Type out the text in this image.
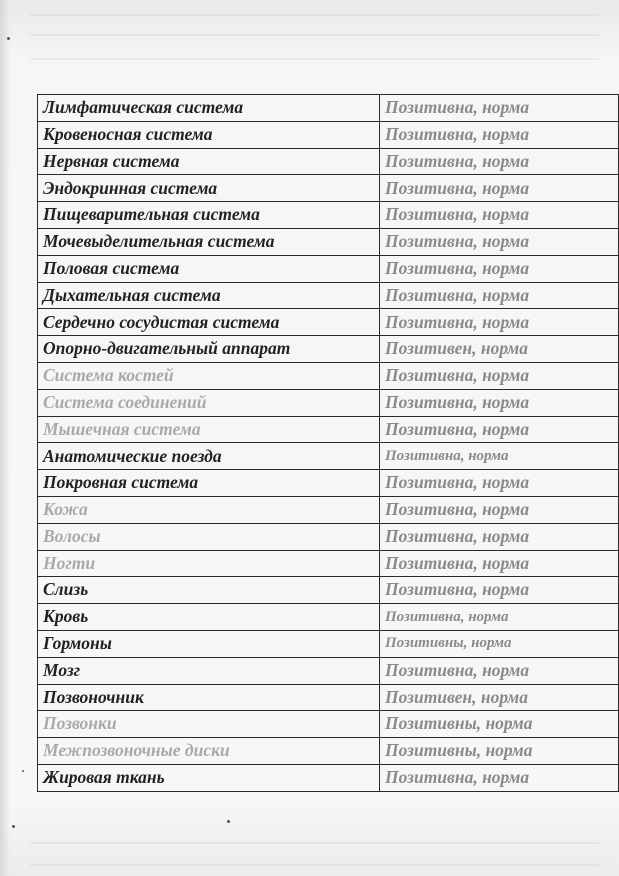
Лимфатическая система	Позитивна, норма
Кровеносная система	Позитивна, норма
Нервная система	Позитивна, норма
Эндокринная система	Позитивна, норма
Пищеварительная система	Позитивна, норма
Мочевыделительная система	Позитивна, норма
Половая система	Позитивна, норма
Дыхательная система	Позитивна, норма
Сердечно сосудистая система	Позитивна, норма
Опорно-двигательный аппарат	Позитивен, норма
Система костей	Позитивна, норма
Система соединений	Позитивна, норма
Мышечная система	Позитивна, норма
Анатомические поезда	Позитивна, норма
Покровная система	Позитивна, норма
Кожа	Позитивна, норма
Волосы	Позитивна, норма
Ногти	Позитивна, норма
Слизь	Позитивна, норма
Кровь	Позитивна, норма
Гормоны	Позитивны, норма
Мозг	Позитивна, норма
Позвоночник	Позитивен, норма
Позвонки	Позитивны, норма
Межпозвоночные диски	Позитивны, норма
Жировая ткань	Позитивна, норма
